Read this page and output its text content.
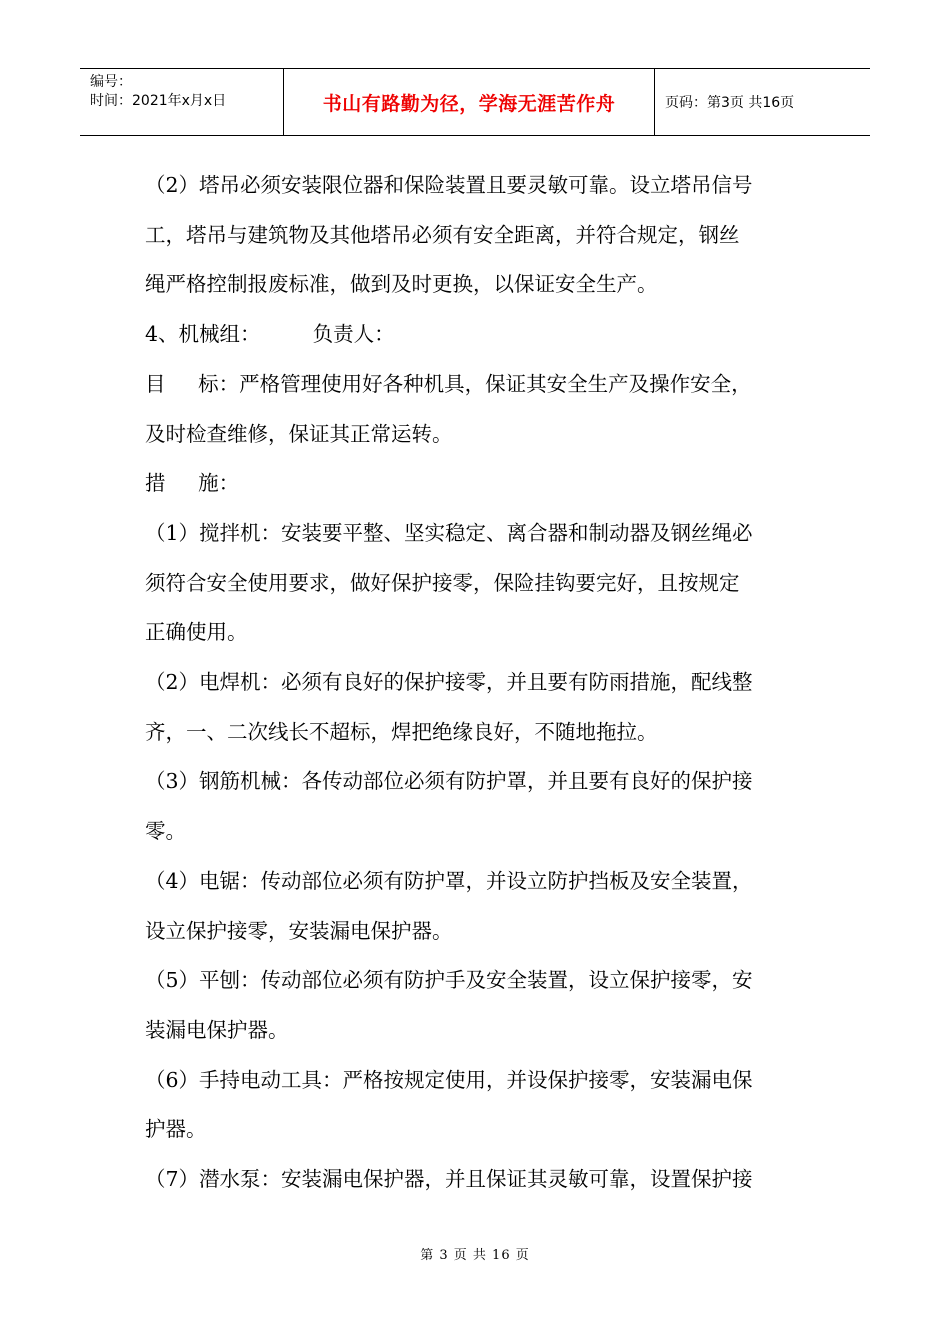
编号：
时间：2021年x月x日	书山有路勤为径，学海无涯苦作舟	页码：第3页 共16页

（2）塔吊必须安装限位器和保险装置且要灵敏可靠。设立塔吊信号

工，塔吊与建筑物及其他塔吊必须有安全距离，并符合规定，钢丝

绳严格控制报废标准，做到及时更换，以保证安全生产。

4、机械组：        负责人：

目     标：严格管理使用好各种机具，保证其安全生产及操作安全，

及时检查维修，保证其正常运转。

措     施：

（1）搅拌机：安装要平整、坚实稳定、离合器和制动器及钢丝绳必

须符合安全使用要求，做好保护接零，保险挂钩要完好，且按规定

正确使用。

（2）电焊机：必须有良好的保护接零，并且要有防雨措施，配线整

齐，一、二次线长不超标，焊把绝缘良好，不随地拖拉。

（3）钢筋机械：各传动部位必须有防护罩，并且要有良好的保护接

零。

（4）电锯：传动部位必须有防护罩，并设立防护挡板及安全装置，

设立保护接零，安装漏电保护器。

（5）平刨：传动部位必须有防护手及安全装置，设立保护接零，安

装漏电保护器。

（6）手持电动工具：严格按规定使用，并设保护接零，安装漏电保

护器。

（7）潜水泵：安装漏电保护器，并且保证其灵敏可靠，设置保护接

第 3 页 共 16 页
